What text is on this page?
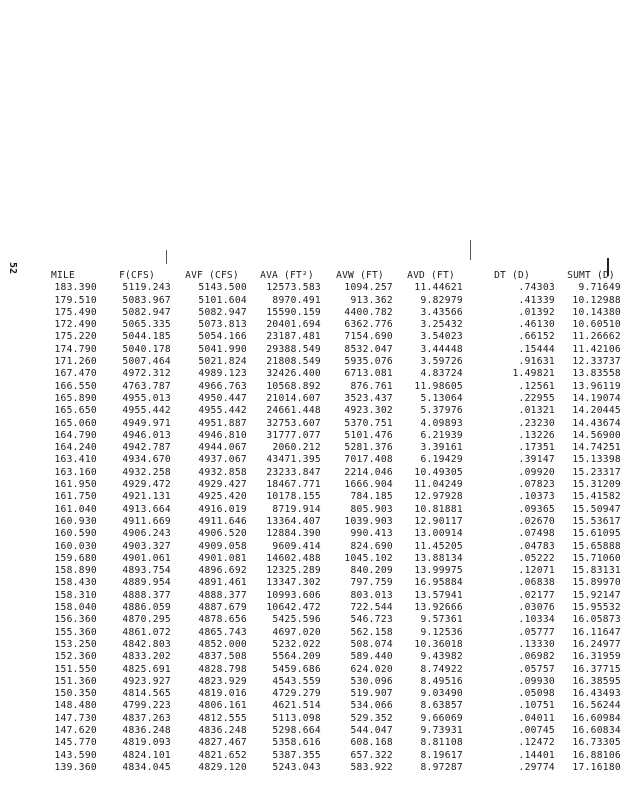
52
MILE	F(CFS)	AVF (CFS)	AVA (FT²)	AVW (FT)	AVD (FT)	DT (D)	SUMT (D)
183.390	5119.243	5143.500	12573.583	1094.257	11.44621	.74303	9.71649
179.510	5083.967	5101.604	8970.491	913.362	9.82979	.41339	10.12988
175.490	5082.947	5082.947	15590.159	4400.782	3.43566	.01392	10.14380
172.490	5065.335	5073.813	20401.694	6362.776	3.25432	.46130	10.60510
175.220	5044.185	5054.166	23187.481	7154.690	3.54023	.66152	11.26662
174.790	5040.178	5041.990	29388.549	8532.047	3.44448	.15444	11.42106
171.260	5007.464	5021.824	21808.549	5935.076	3.59726	.91631	12.33737
167.470	4972.312	4989.123	32426.400	6713.081	4.83724	1.49821	13.83558
166.550	4763.787	4966.763	10568.892	876.761	11.98605	.12561	13.96119
165.890	4955.013	4950.447	21014.607	3523.437	5.13064	.22955	14.19074
165.650	4955.442	4955.442	24661.448	4923.302	5.37976	.01321	14.20445
165.060	4949.971	4951.887	32753.607	5370.751	4.09893	.23230	14.43674
164.790	4946.013	4946.810	31777.077	5101.476	6.21939	.13226	14.56900
164.240	4942.787	4944.067	2060.212	5281.376	3.39161	.17351	14.74251
163.410	4934.670	4937.067	43471.395	7017.408	6.19429	.39147	15.13398
163.160	4932.258	4932.858	23233.847	2214.046	10.49305	.09920	15.23317
161.950	4929.472	4929.427	18467.771	1666.904	11.04249	.07823	15.31209
161.750	4921.131	4925.420	10178.155	784.185	12.97928	.10373	15.41582
161.040	4913.664	4916.019	8719.914	805.903	10.81881	.09365	15.50947
160.930	4911.669	4911.646	13364.407	1039.903	12.90117	.02670	15.53617
160.590	4906.243	4906.520	12884.390	990.413	13.00914	.07498	15.61095
160.030	4903.327	4909.058	9609.414	824.690	11.45205	.04783	15.65888
159.680	4901.061	4901.081	14602.488	1045.102	13.88134	.05222	15.71060
158.890	4893.754	4896.692	12325.289	840.209	13.99975	.12071	15.83131
158.430	4889.954	4891.461	13347.302	797.759	16.95884	.06838	15.89970
158.310	4888.377	4888.377	10993.606	803.013	13.57941	.02177	15.92147
158.040	4886.059	4887.679	10642.472	722.544	13.92666	.03076	15.95532
156.360	4870.295	4878.656	5425.596	546.723	9.57361	.10334	16.05873
155.360	4861.072	4865.743	4697.020	562.158	9.12536	.05777	16.11647
153.250	4842.803	4852.000	5232.022	508.074	10.36018	.13330	16.24977
152.360	4833.202	4837.508	5564.209	589.440	9.43982	.06982	16.31959
151.550	4825.691	4828.798	5459.686	624.020	8.74922	.05757	16.37715
151.360	4923.927	4823.929	4543.559	530.096	8.49516	.09930	16.38595
150.350	4814.565	4819.016	4729.279	519.907	9.03490	.05098	16.43493
148.480	4799.223	4806.161	4621.514	534.066	8.63857	.10751	16.56244
147.730	4837.263	4812.555	5113.098	529.352	9.66069	.04011	16.60984
147.620	4836.248	4836.248	5298.664	544.047	9.73931	.00745	16.60834
145.770	4819.093	4827.467	5358.616	608.168	8.81108	.12472	16.73305
143.590	4824.101	4821.652	5387.355	657.322	8.19617	.14401	16.88106
139.360	4834.045	4829.120	5243.043	583.922	8.97287	.29774	17.16180
